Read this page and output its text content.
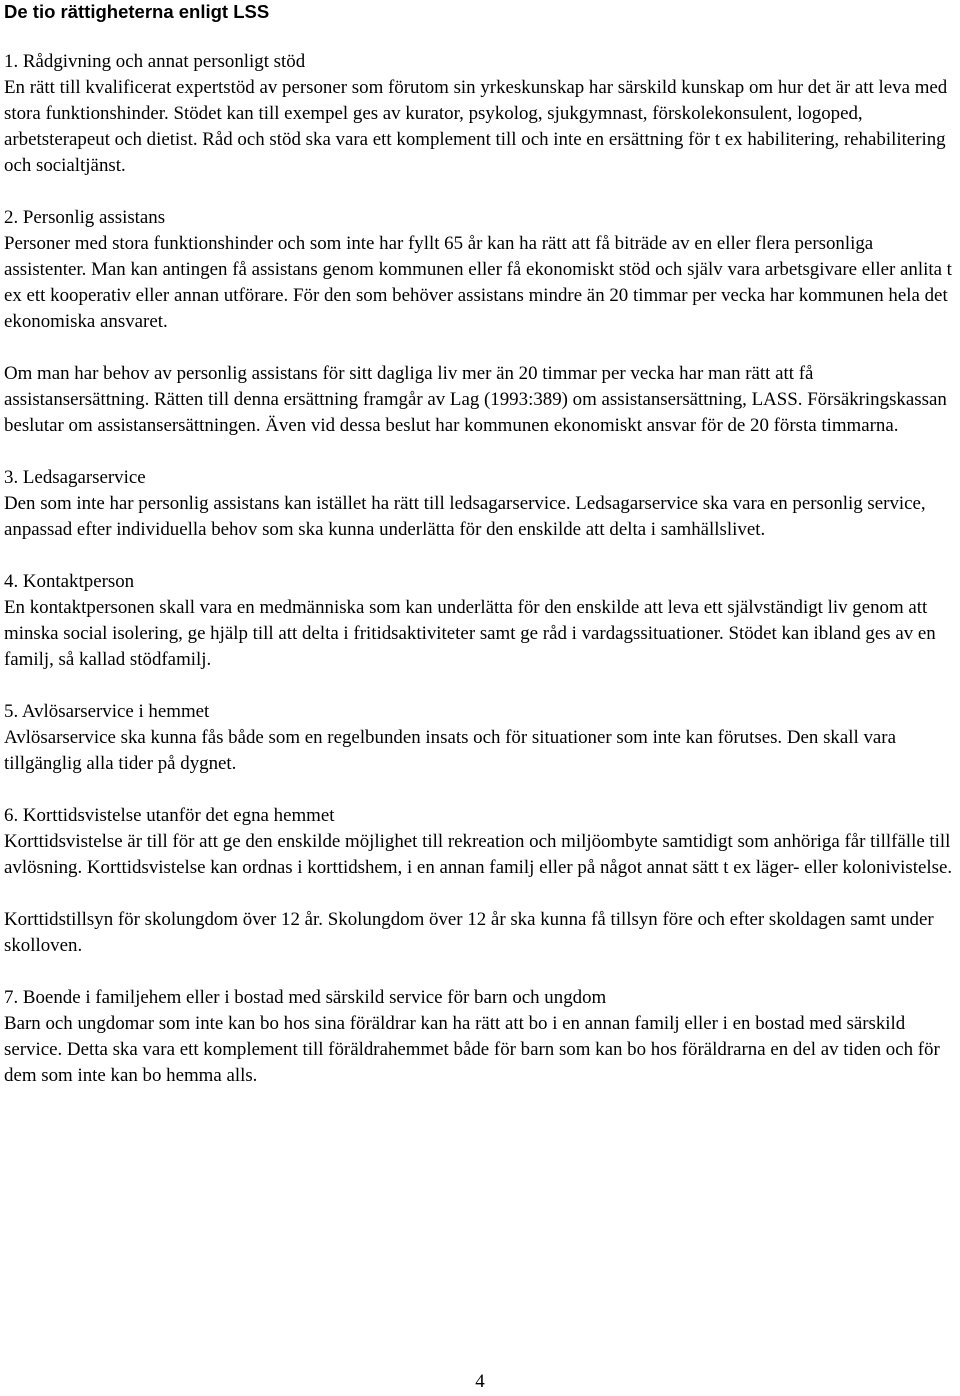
De tio rättigheterna enligt LSS

1. Rådgivning och annat personligt stöd
En rätt till kvalificerat expertstöd av personer som förutom sin yrkeskunskap har särskild kunskap om hur det är att leva med stora funktionshinder. Stödet kan till exempel ges av kurator, psykolog, sjukgymnast, förskolekonsulent, logoped, arbetsterapeut och dietist. Råd och stöd ska vara ett komplement till och inte en ersättning för t ex habilitering, rehabilitering och socialtjänst.

2. Personlig assistans
Personer med stora funktionshinder och som inte har fyllt 65 år kan ha rätt att få biträde av en eller flera personliga assistenter. Man kan antingen få assistans genom kommunen eller få ekonomiskt stöd och själv vara arbetsgivare eller anlita t ex ett kooperativ eller annan utförare. För den som behöver assistans mindre än 20 timmar per vecka har kommunen hela det ekonomiska ansvaret.

Om man har behov av personlig assistans för sitt dagliga liv mer än 20 timmar per vecka har man rätt att få assistansersättning. Rätten till denna ersättning framgår av Lag (1993:389) om assistansersättning, LASS. Försäkringskassan beslutar om assistansersättningen. Även vid dessa beslut har kommunen ekonomiskt ansvar för de 20 första timmarna.

3. Ledsagarservice
Den som inte har personlig assistans kan istället ha rätt till ledsagarservice. Ledsagarservice ska vara en personlig service, anpassad efter individuella behov som ska kunna underlätta för den enskilde att delta i samhällslivet.

4. Kontaktperson
En kontaktpersonen skall vara en medmänniska som kan underlätta för den enskilde att leva ett självständigt liv genom att minska social isolering, ge hjälp till att delta i fritidsaktiviteter samt ge råd i vardagssituationer. Stödet kan ibland ges av en familj, så kallad stödfamilj.

5. Avlösarservice i hemmet
Avlösarservice ska kunna fås både som en regelbunden insats och för situationer som inte kan förutses. Den skall vara tillgänglig alla tider på dygnet.

6. Korttidsvistelse utanför det egna hemmet
Korttidsvistelse är till för att ge den enskilde möjlighet till rekreation och miljöombyte samtidigt som anhöriga får tillfälle till avlösning. Korttidsvistelse kan ordnas i korttidshem, i en annan familj eller på något annat sätt t ex läger- eller kolonivistelse.

Korttidstillsyn för skolungdom över 12 år. Skolungdom över 12 år ska kunna få tillsyn före och efter skoldagen samt under skolloven.

7. Boende i familjehem eller i bostad med särskild service för barn och ungdom
Barn och ungdomar som inte kan bo hos sina föräldrar kan ha rätt att bo i en annan familj eller i en bostad med särskild service. Detta ska vara ett komplement till föräldrahemmet både för barn som kan bo hos föräldrarna en del av tiden och för dem som inte kan bo hemma alls.

4
